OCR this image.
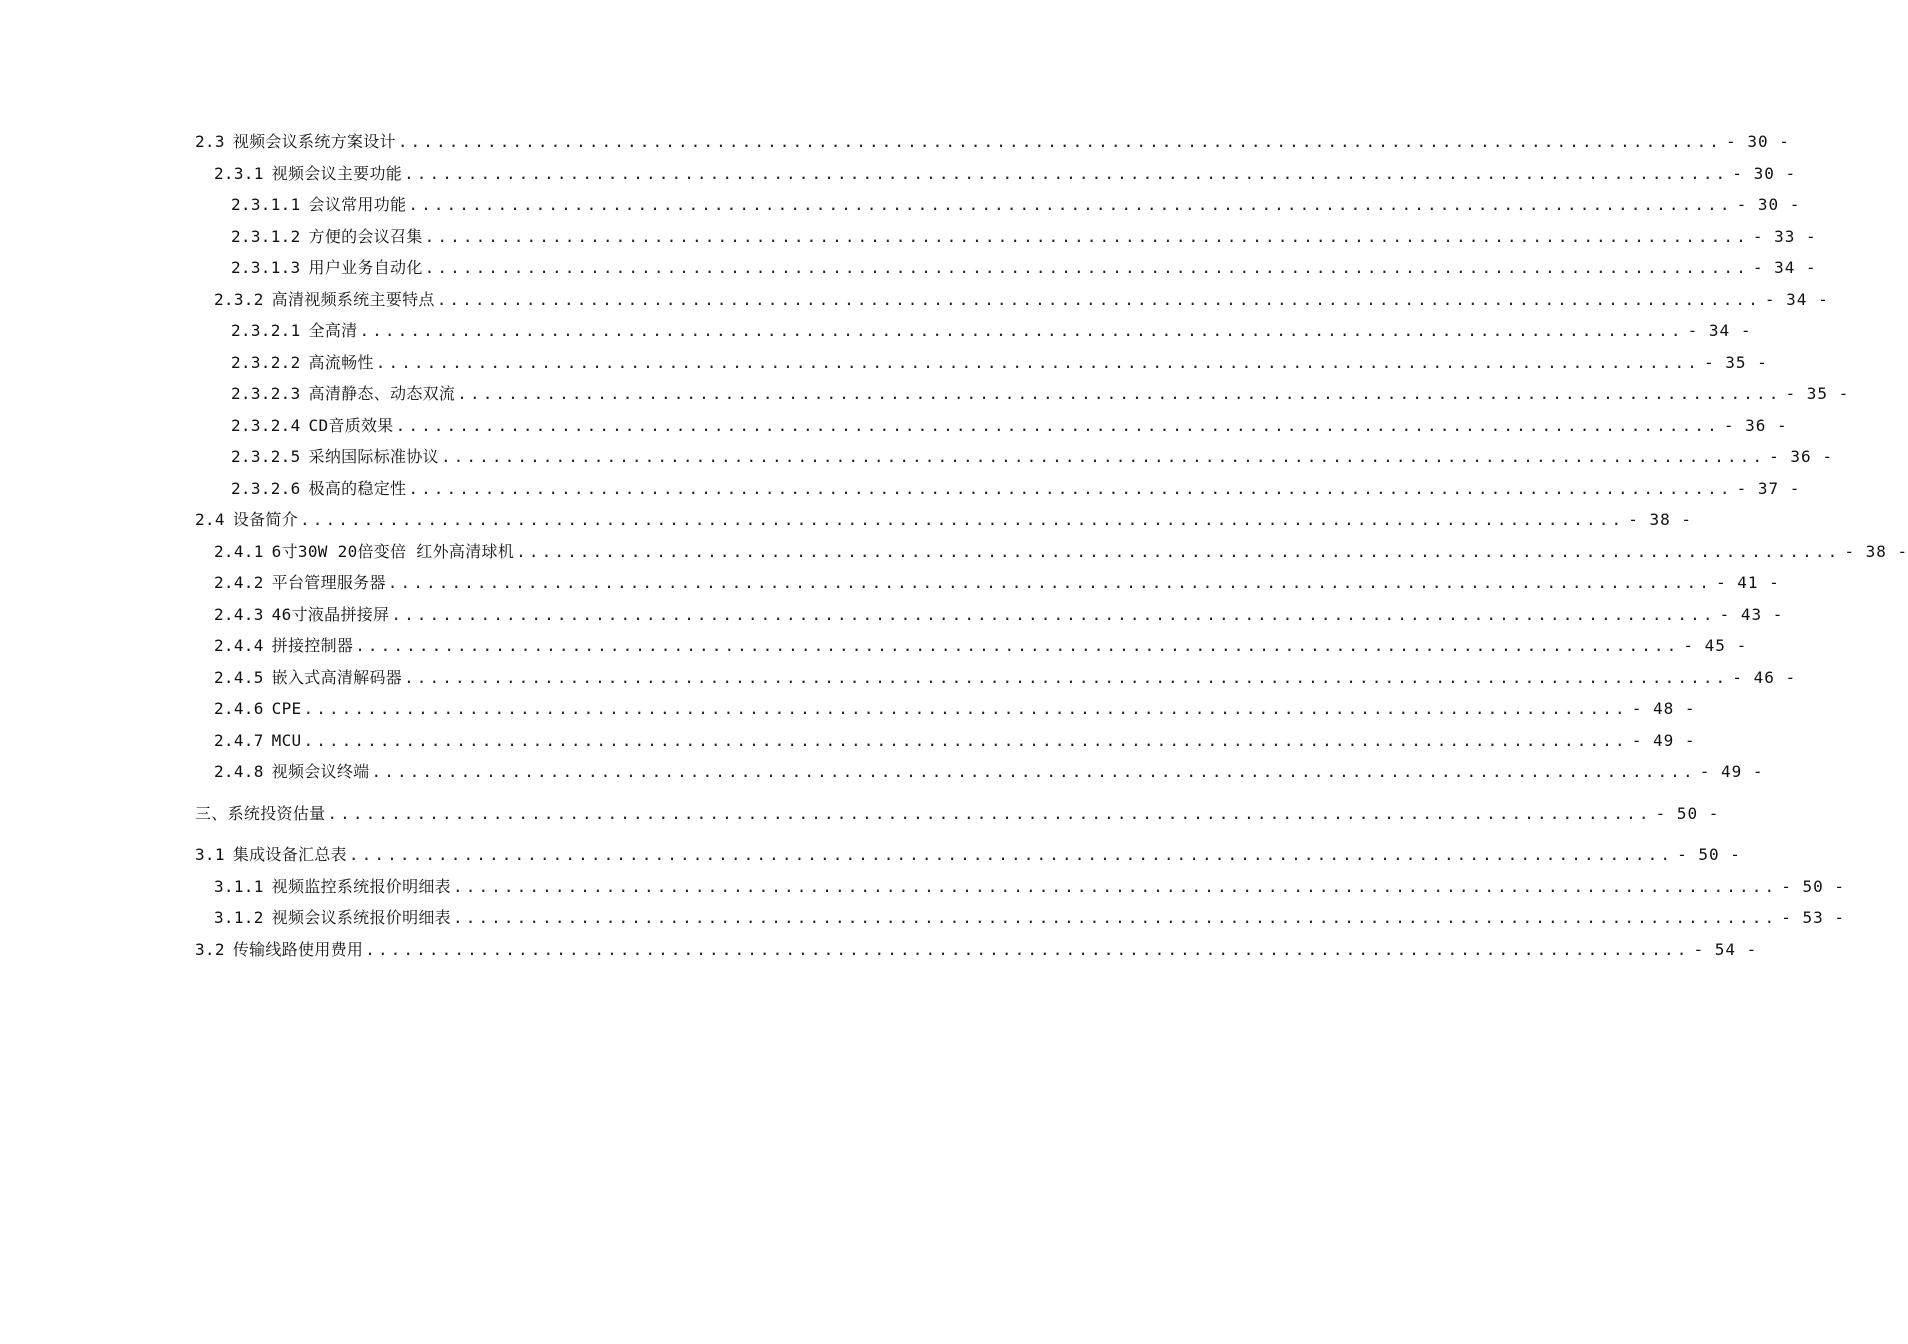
2.3 视频会议系统方案设计 ........................................................................................................ - 30 -
2.3.1 视频会议主要功能 ........................................................................................................ - 30 -
2.3.1.1 会议常用功能 ........................................................................................................ - 30 -
2.3.1.2 方便的会议召集 ........................................................................................................ - 33 -
2.3.1.3 用户业务自动化 ........................................................................................................ - 34 -
2.3.2 高清视频系统主要特点 ........................................................................................................ - 34 -
2.3.2.1 全高清 ........................................................................................................ - 34 -
2.3.2.2 高流畅性 ........................................................................................................ - 35 -
2.3.2.3 高清静态、动态双流 ........................................................................................................ - 35 -
2.3.2.4 CD音质效果 ........................................................................................................ - 36 -
2.3.2.5 采纳国际标准协议 ........................................................................................................ - 36 -
2.3.2.6 极高的稳定性 ........................................................................................................ - 37 -
2.4 设备简介 ........................................................................................................ - 38 -
2.4.1 6寸30W 20倍变倍 红外高清球机 ........................................................................................................ - 38 -
2.4.2 平台管理服务器 ........................................................................................................ - 41 -
2.4.3 46寸液晶拼接屏 ........................................................................................................ - 43 -
2.4.4 拼接控制器 ........................................................................................................ - 45 -
2.4.5 嵌入式高清解码器 ........................................................................................................ - 46 -
2.4.6 CPE ........................................................................................................ - 48 -
2.4.7 MCU ........................................................................................................ - 49 -
2.4.8 视频会议终端 ........................................................................................................ - 49 -
三、系统投资估量 ........................................................................................................ - 50 -
3.1 集成设备汇总表 ........................................................................................................ - 50 -
3.1.1 视频监控系统报价明细表 ........................................................................................................ - 50 -
3.1.2 视频会议系统报价明细表 ........................................................................................................ - 53 -
3.2 传输线路使用费用 ........................................................................................................ - 54 -
